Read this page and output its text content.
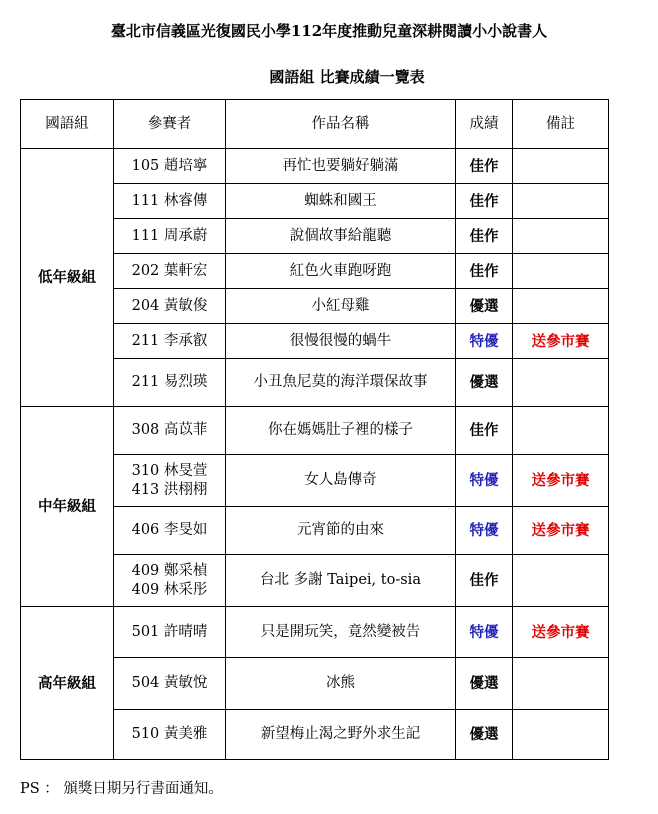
臺北市信義區光復國民小學112年度推動兒童深耕閱讀小小說書人
國語組 比賽成績一覽表
國語組	參賽者	作品名稱	成績	備註
低年級組	105 趙培寧	再忙也要躺好躺滿	佳作	
	111 林睿傳	蜘蛛和國王	佳作	
	111 周承蔚	說個故事給龍聽	佳作	
	202 葉軒宏	紅色火車跑呀跑	佳作	
	204 黃敏俊	小紅母雞	優選	
	211 李承叡	很慢很慢的蝸牛	特優	送參市賽
	211 易烈瑛	小丑魚尼莫的海洋環保故事	優選	
中年級組	308 高苡菲	你在媽媽肚子裡的樣子	佳作	

	310 林旻萱
413 洪栩栩	女人島傳奇	特優	送參市賽
	406 李旻如	元宵節的由來	特優	送參市賽

	409 鄭采楨
409 林采彤	台北 多謝 Taipei, to-sia	佳作	
高年級組	501 許晴晴	只是開玩笑，竟然變被告	特優	送參市賽
	504 黃敏悅	冰熊	優選	
	510 黃美雅	新望梅止渴之野外求生記	優選	
PS ： 頒獎日期另行書面通知。
